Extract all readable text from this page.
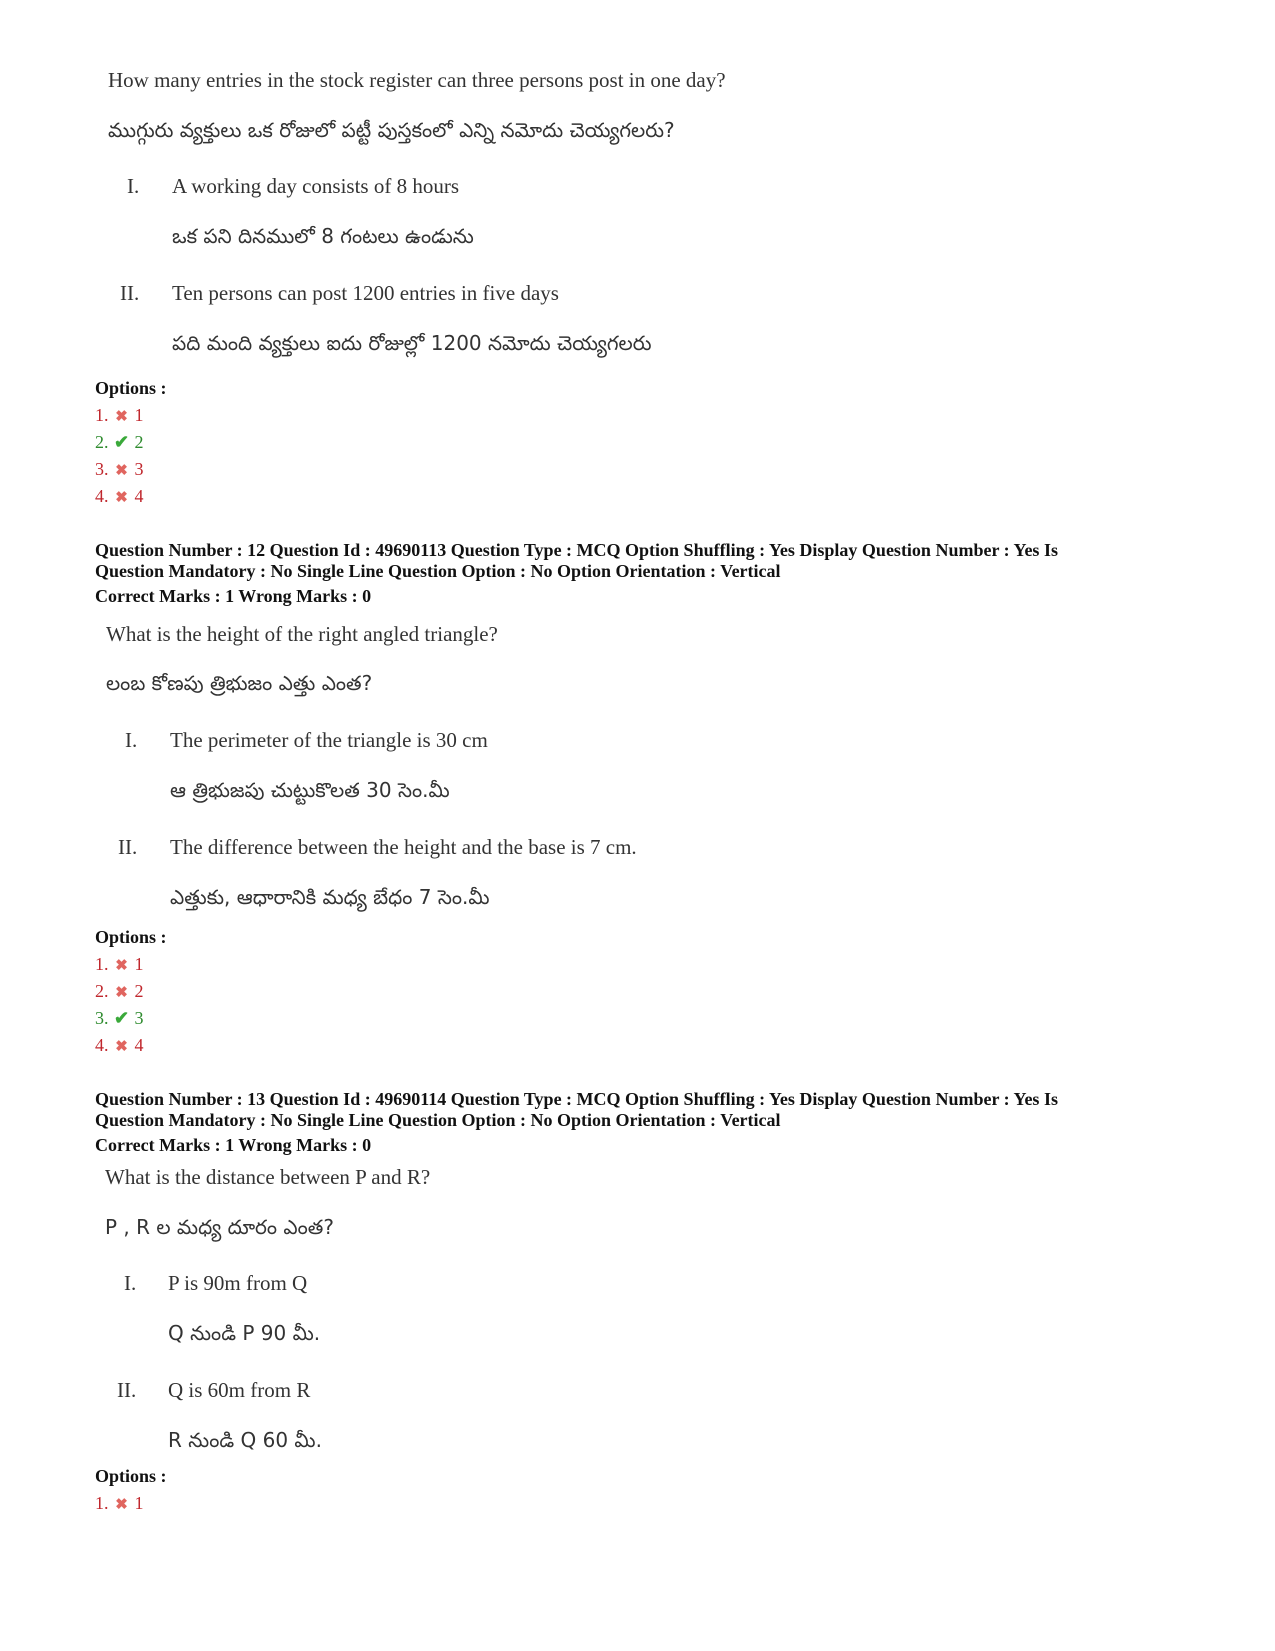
How many entries in the stock register can three persons post in one day?
ముగ్గురు వ్యక్తులు ఒక రోజులో పట్టీ పుస్తకంలో ఎన్ని నమోదు చెయ్యగలరు?
I. A working day consists of 8 hours
ఒక పని దినములో 8 గంటలు ఉండును
II. Ten persons can post 1200 entries in five days
పది మంది వ్యక్తులు ఐదు రోజుల్లో 1200 నమోదు చెయ్యగలరు
Options :
1. ✖ 1
2. ✔ 2
3. ✖ 3
4. ✖ 4
Question Number : 12 Question Id : 49690113 Question Type : MCQ Option Shuffling : Yes Display Question Number : Yes Is
Question Mandatory : No Single Line Question Option : No Option Orientation : Vertical
Correct Marks : 1 Wrong Marks : 0
What is the height of the right angled triangle?
లంబ కోణపు త్రిభుజం ఎత్తు ఎంత?
I. The perimeter of the triangle is 30 cm
ఆ త్రిభుజపు చుట్టుకొలత 30 సెం.మీ
II. The difference between the height and the base is 7 cm.
ఎత్తుకు, ఆధారానికి మధ్య బేధం 7 సెం.మీ
Options :
1. ✖ 1
2. ✖ 2
3. ✔ 3
4. ✖ 4
Question Number : 13 Question Id : 49690114 Question Type : MCQ Option Shuffling : Yes Display Question Number : Yes Is
Question Mandatory : No Single Line Question Option : No Option Orientation : Vertical
Correct Marks : 1 Wrong Marks : 0
What is the distance between P and R?
P , R ల మధ్య దూరం ఎంత?
I. P is 90m from Q
Q నుండి P 90 మీ.
II. Q is 60m from R
R నుండి Q 60 మీ.
Options :
1. ✖ 1
